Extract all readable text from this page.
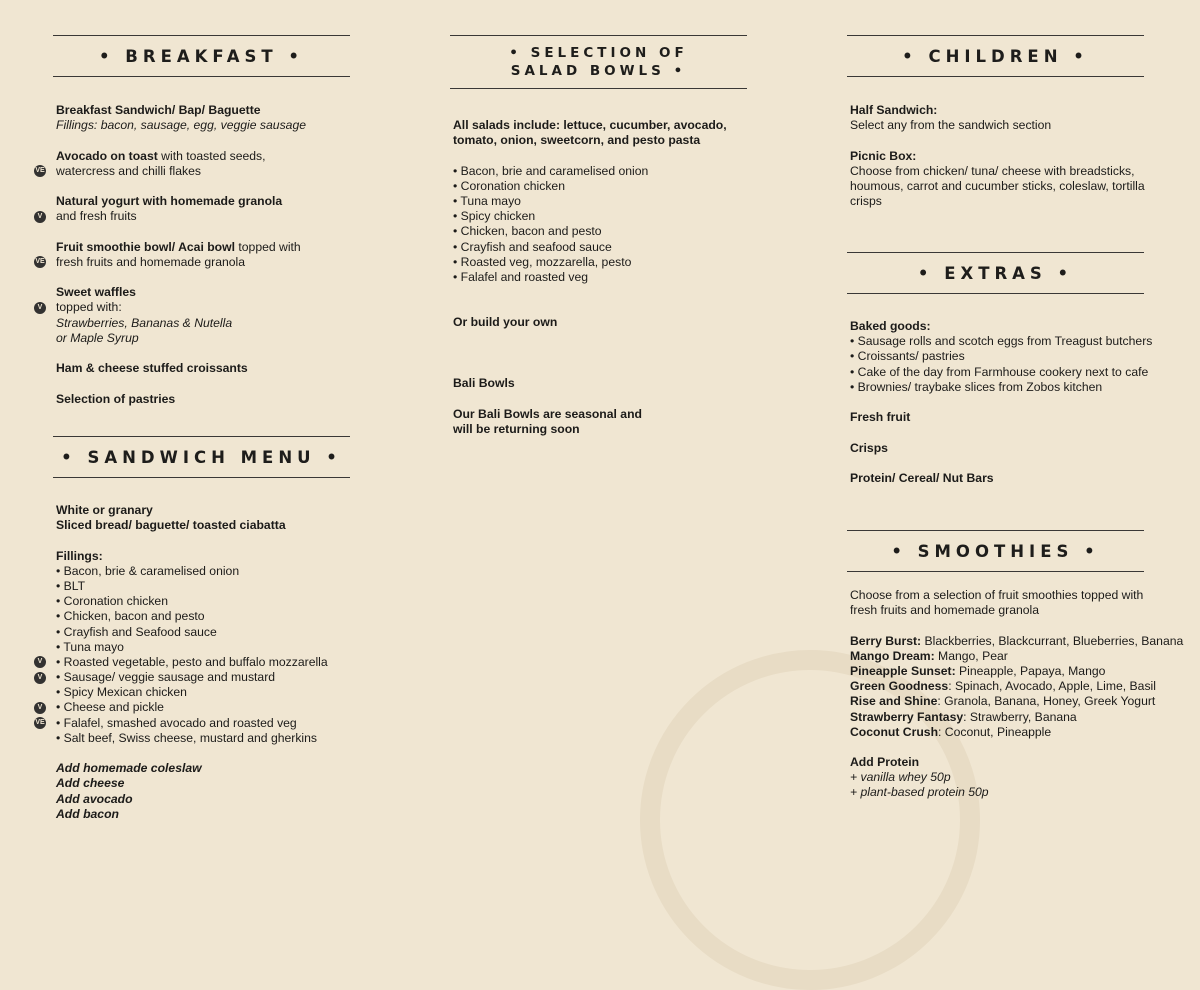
• BREAKFAST •
Breakfast Sandwich/ Bap/ Baguette
Fillings: bacon, sausage, egg, veggie sausage
Avocado on toast with toasted seeds,
VE watercress and chilli flakes
Natural yogurt with homemade granola
V	and fresh fruits
Fruit smoothie bowl/ Acai bowl topped with
VE fresh fruits and homemade granola
Sweet waffles
V	topped with:
Strawberries, Bananas & Nutella
or Maple Syrup
Ham & cheese stuffed croissants
Selection of pastries
• SANDWICH MENU •
White or granary
Sliced bread/ baguette/ toasted ciabatta
Fillings:
• Bacon, brie & caramelised onion
• BLT
• Coronation chicken
• Chicken, bacon and pesto
• Crayfish and Seafood sauce
• Tuna mayo
V	• Roasted vegetable, pesto and buffalo mozzarella
V	• Sausage/ veggie sausage and mustard
• Spicy Mexican chicken
V	• Cheese and pickle
VE • Falafel, smashed avocado and roasted veg
• Salt beef, Swiss cheese, mustard and gherkins
Add homemade coleslaw
Add cheese
Add avocado
Add bacon
• SELECTION OF
SALAD BOWLS •
All salads include: lettuce, cucumber, avocado,
tomato, onion, sweetcorn, and pesto pasta
• Bacon, brie and caramelised onion
• Coronation chicken
• Tuna mayo
• Spicy chicken
• Chicken, bacon and pesto
• Crayfish and seafood sauce
• Roasted veg, mozzarella, pesto
• Falafel and roasted veg
Or build your own
Bali Bowls
Our Bali Bowls are seasonal and
will be returning soon
• CHILDREN •
Half Sandwich:
Select any from the sandwich section
Picnic Box:
Choose from chicken/ tuna/ cheese with breadsticks,
houmous, carrot and cucumber sticks, coleslaw, tortilla
crisps
• EXTRAS •
Baked goods:
• Sausage rolls and scotch eggs from Treagust butchers
• Croissants/ pastries
• Cake of the day from Farmhouse cookery next to cafe
• Brownies/ traybake slices from Zobos kitchen
Fresh fruit
Crisps
Protein/ Cereal/ Nut Bars
• SMOOTHIES •
Choose from a selection of fruit smoothies topped with
fresh fruits and homemade granola
Berry Burst: Blackberries, Blackcurrant, Blueberries, Banana
Mango Dream: Mango, Pear
Pineapple Sunset: Pineapple, Papaya, Mango
Green Goodness: Spinach, Avocado, Apple, Lime, Basil
Rise and Shine: Granola, Banana, Honey, Greek Yogurt
Strawberry Fantasy: Strawberry, Banana
Coconut Crush: Coconut, Pineapple
Add Protein
+ vanilla whey 50p
+ plant-based protein 50p
